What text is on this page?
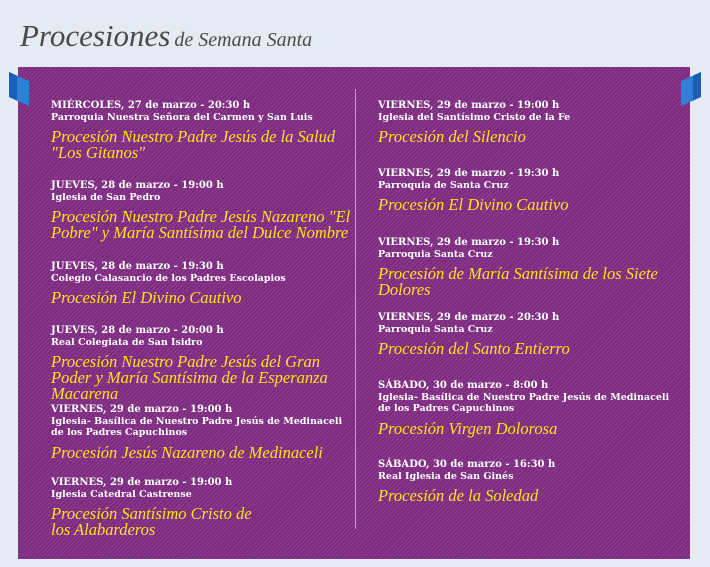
Procesiones de Semana Santa
MIÉRCOLES, 27 de marzo - 20:30 h
Parroquia Nuestra Señora del Carmen y San Luis
Procesión Nuestro Padre Jesús de la Salud "Los Gitanos"
JUEVES, 28 de marzo - 19:00 h
Iglesia de San Pedro
Procesión Nuestro Padre Jesús Nazareno "El Pobre" y María Santísima del Dulce Nombre
JUEVES, 28 de marzo - 19:30 h
Colegio Calasancio de los Padres Escolapios
Procesión El Divino Cautivo
JUEVES, 28 de marzo - 20:00 h
Real Colegiata de San Isidro
Procesión Nuestro Padre Jesús del Gran Poder y María Santísima de la Esperanza Macarena
VIERNES, 29 de marzo - 19:00 h
Iglesia- Basílica de Nuestro Padre Jesús de Medinaceli de los Padres Capuchinos
Procesión Jesús Nazareno de Medinaceli
VIERNES, 29 de marzo - 19:00 h
Iglesia Catedral Castrense
Procesión Santísimo Cristo de los Alabarderos
VIERNES, 29 de marzo - 19:00 h
Iglesia del Santísimo Cristo de la Fe
Procesión del Silencio
VIERNES, 29 de marzo - 19:30 h
Parroquia de Santa Cruz
Procesión El Divino Cautivo
VIERNES, 29 de marzo - 19:30 h
Parroquia Santa Cruz
Procesión de María Santísima de los Siete Dolores
VIERNES, 29 de marzo - 20:30 h
Parroquia Santa Cruz
Procesión del Santo Entierro
SÁBADO, 30 de marzo - 8:00 h
Iglesia- Basílica de Nuestro Padre Jesús de Medinaceli de los Padres Capuchinos
Procesión Virgen Dolorosa
SÁBADO, 30 de marzo - 16:30 h
Real Iglesia de San Ginés
Procesión de la Soledad
